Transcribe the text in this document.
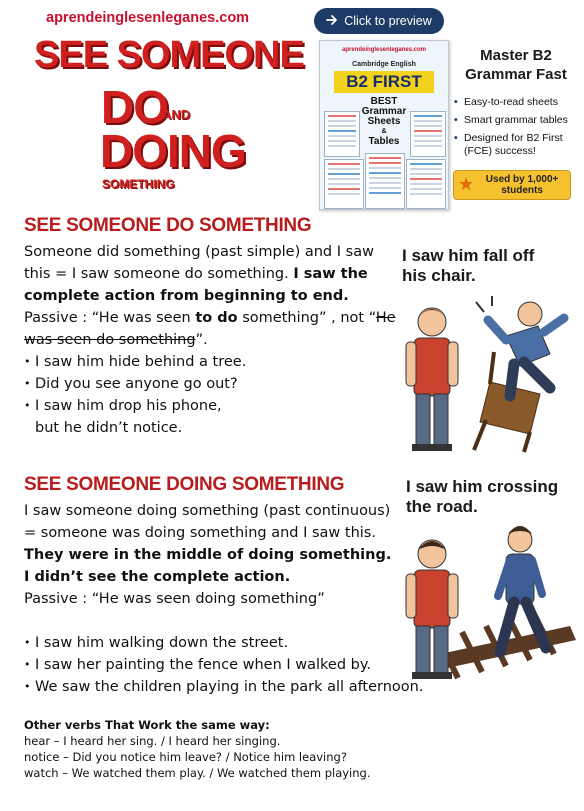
aprendeinglesenleganes.com
SEE SOMEONE
DO
AND
DOING
SOMETHING
Click to preview
aprendeinglesenleganes.com
Cambridge English
B2 FIRST
BEST
Grammar
Sheets
&
Tables
Master B2 Grammar Fast
• Easy-to-read sheets
• Smart grammar tables
• Designed for B2 First (FCE) success!
★	Used by 1,000+ students
SEE SOMEONE DO SOMETHING

Someone did something (past simple) and I saw this = I saw someone do something. I saw the complete action from beginning to end.

Passive : “He was seen to do something” , not “He was seen do something”.

• I saw him hide behind a tree.

• Did you see anyone go out?

• I saw him drop his phone,

but he didn’t notice.

I saw him fall off his chair.
SEE SOMEONE DOING SOMETHING

I saw someone doing something (past continuous) = someone was doing something and I saw this. They were in the middle of doing something. I didn’t see the complete action.

Passive : “He was seen doing something”

• I saw him walking down the street.

• I saw her painting the fence when I walked by.

• We saw the children playing in the park all afternoon.

I saw him crossing the road.
Other verbs That Work the same way:
hear – I heard her sing. / I heard her singing.
notice – Did you notice him leave? / Notice him leaving?
watch – We watched them play. / We watched them playing.
